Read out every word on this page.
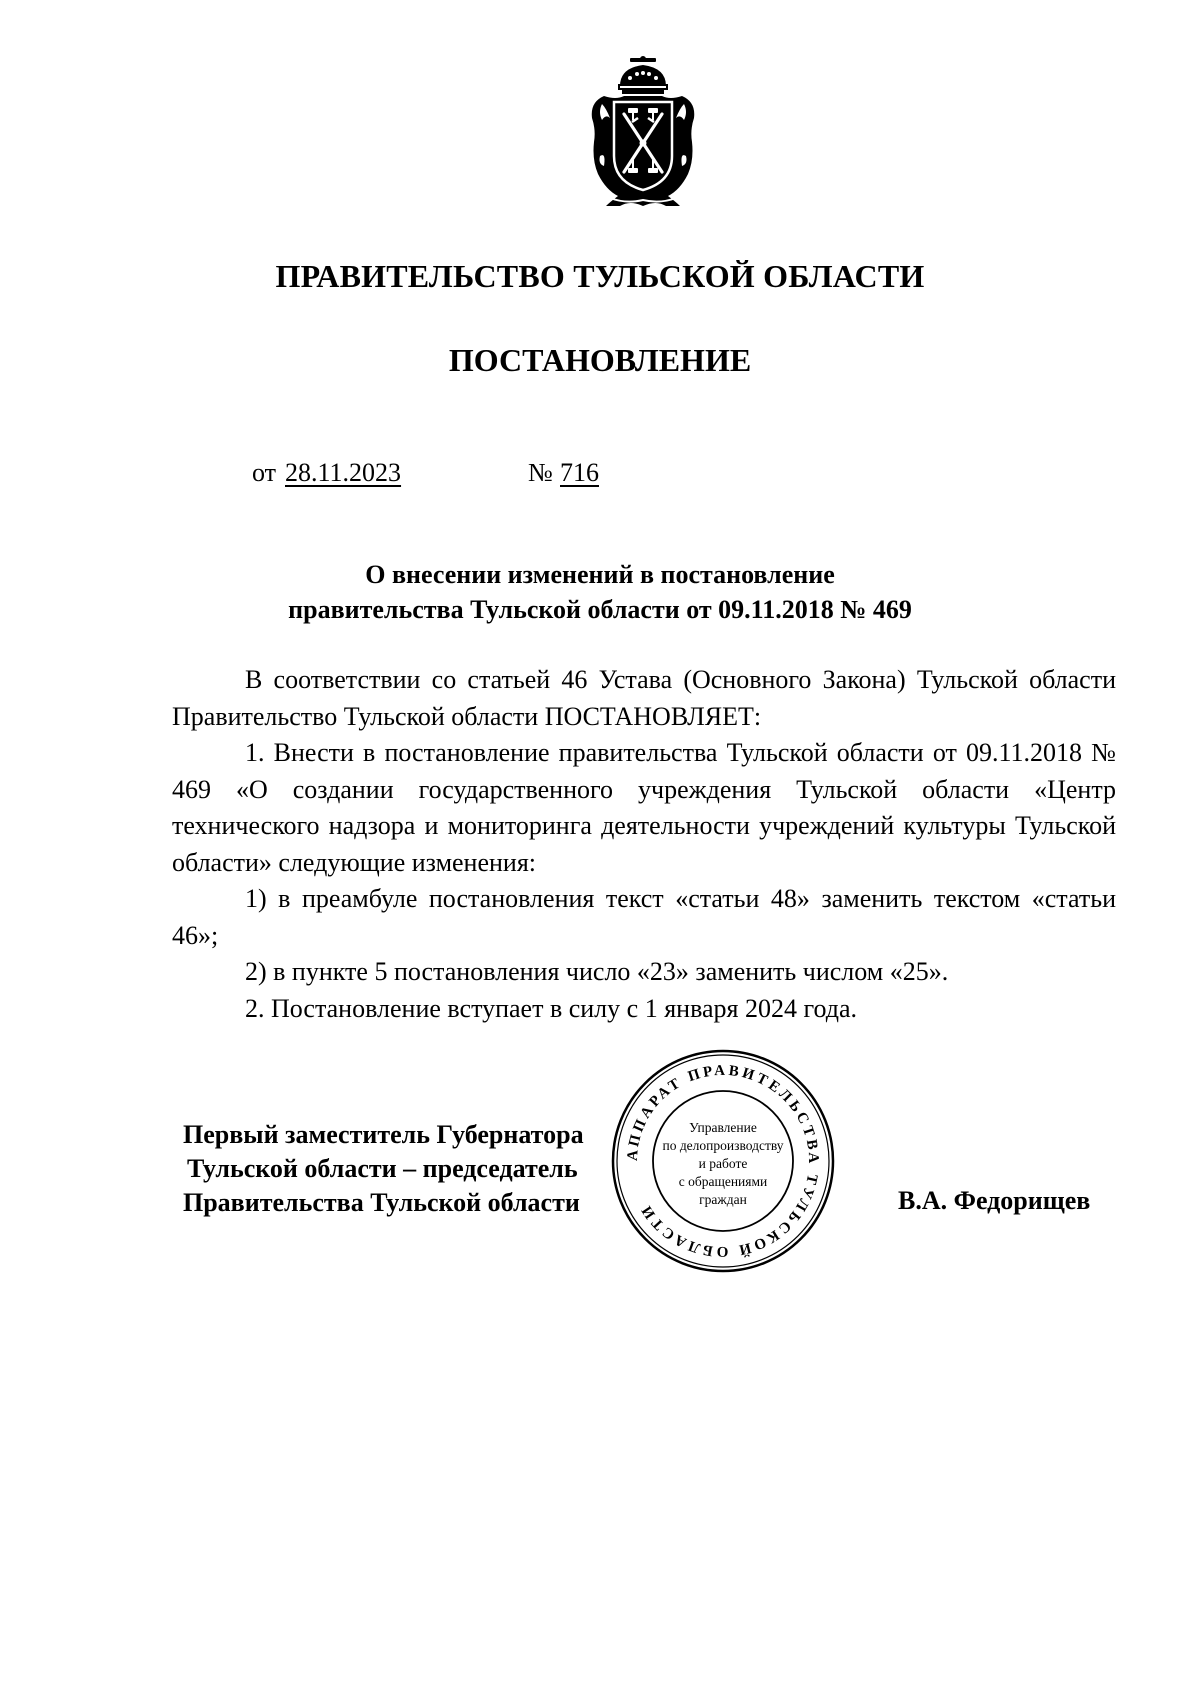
ПРАВИТЕЛЬСТВО ТУЛЬСКОЙ ОБЛАСТИ
ПОСТАНОВЛЕНИЕ
от 28.11.2023	№ 716
О внесении изменений в постановление
правительства Тульской области от 09.11.2018 № 469

В соответствии со статьей 46 Устава (Основного Закона) Тульской области Правительство Тульской области ПОСТАНОВЛЯЕТ:

1. Внести в постановление правительства Тульской области от 09.11.2018 № 469 «О создании государственного учреждения Тульской области «Центр технического надзора и мониторинга деятельности учреждений культуры Тульской области» следующие изменения:

1) в преамбуле постановления текст «статьи 48» заменить текстом «статьи 46»;

2) в пункте 5 постановления число «23» заменить числом «25».

2. Постановление вступает в силу с 1 января 2024 года.

Первый заместитель Губернатора
Тульской области – председатель
Правительства Тульской области	В.А. Федорищев
АППАРАТ ПРАВИТЕЛЬСТВА ТУЛЬСКОЙ ОБЛАСТИ
Управление
по делопроизводству
и работе
с обращениями
граждан
